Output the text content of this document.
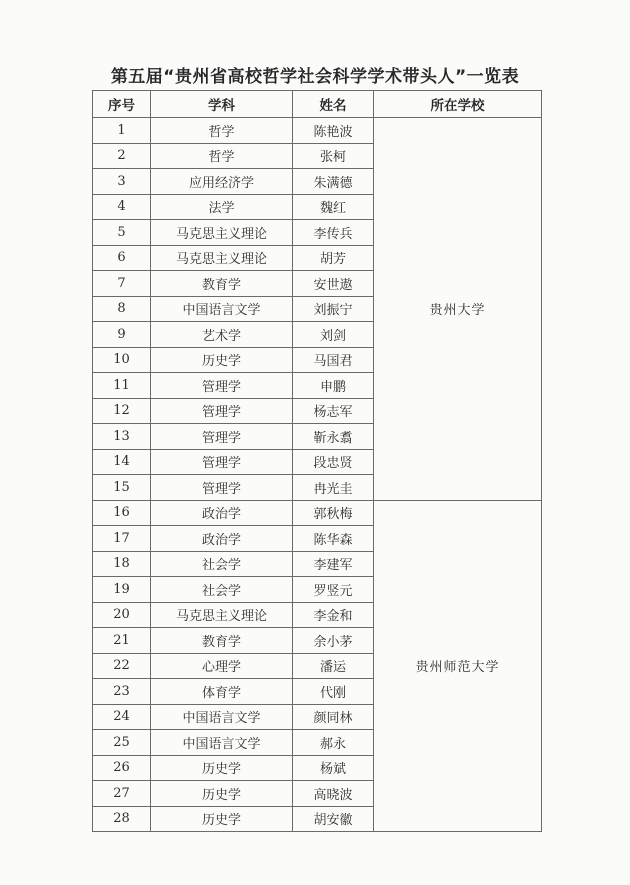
第五届“贵州省高校哲学社会科学学术带头人”一览表
序号	学科	姓名	所在学校
1	哲学	陈艳波	贵州大学
2	哲学	张柯	
3	应用经济学	朱满德	
4	法学	魏红	
5	马克思主义理论	李传兵	
6	马克思主义理论	胡芳	
7	教育学	安世遨	
8	中国语言文学	刘振宁	
9	艺术学	刘剑	
10	历史学	马国君	
11	管理学	申鹏	
12	管理学	杨志军	
13	管理学	靳永翥	
14	管理学	段忠贤	
15	管理学	冉光圭	
16	政治学	郭秋梅	贵州师范大学
17	政治学	陈华森	
18	社会学	李建军	
19	社会学	罗竖元	
20	马克思主义理论	李金和	
21	教育学	余小茅	
22	心理学	潘运	
23	体育学	代刚	
24	中国语言文学	颜同林	
25	中国语言文学	郝永	
26	历史学	杨斌	
27	历史学	高晓波	
28	历史学	胡安徽	
